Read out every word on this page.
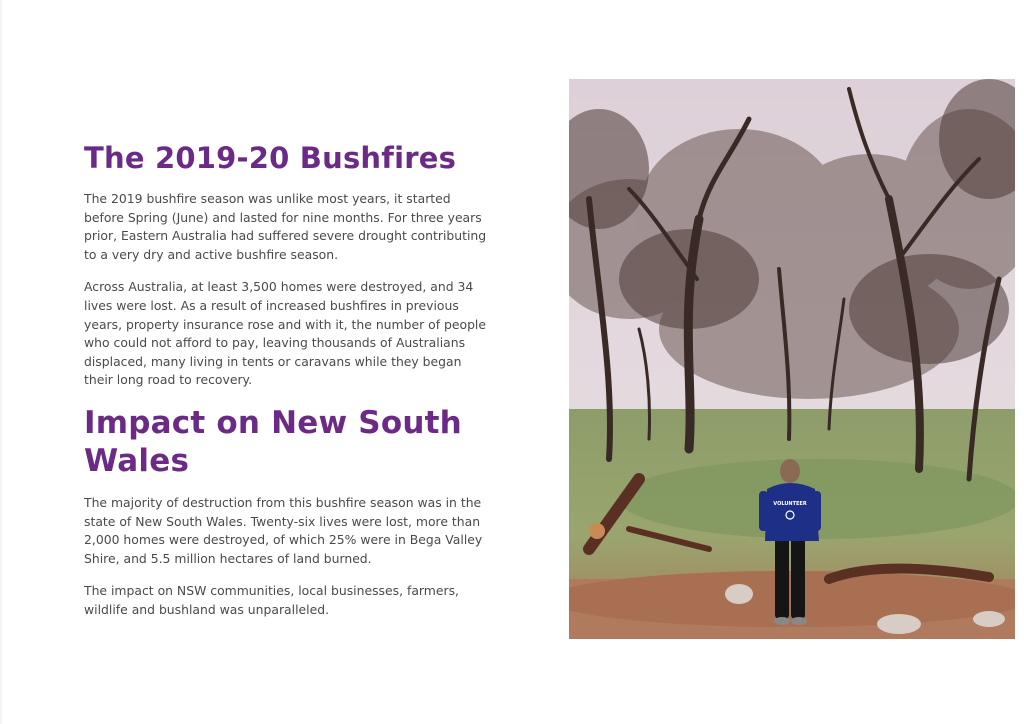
The 2019-20 Bushfires

The 2019 bushfire season was unlike most years, it started before Spring (June) and lasted for nine months. For three years prior, Eastern Australia had suffered severe drought contributing to a very dry and active bushfire season.

Across Australia, at least 3,500 homes were destroyed, and 34 lives were lost. As a result of increased bushfires in previous years, property insurance rose and with it, the number of people who could not afford to pay, leaving thousands of Australians displaced, many living in tents or caravans while they began their long road to recovery.

Impact on New South Wales

The majority of destruction from this bushfire season was in the state of New South Wales. Twenty-six lives were lost, more than 2,000 homes were destroyed, of which 25% were in Bega Valley Shire, and 5.5 million hectares of land burned.

The impact on NSW communities, local businesses, farmers, wildlife and bushland was unparalleled.

VOLUNTEER
